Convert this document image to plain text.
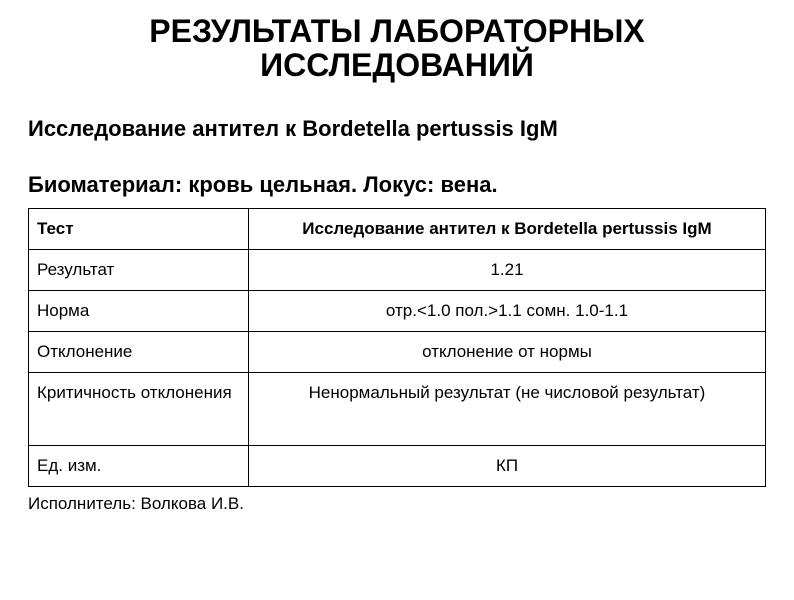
РЕЗУЛЬТАТЫ ЛАБОРАТОРНЫХ
ИССЛЕДОВАНИЙ
Исследование антител к Bordetella pertussis IgM
Биоматериал: кровь цельная. Локус: вена.
Тест	Исследование антител к Bordetella pertussis IgM
Результат	1.21
Норма	отр.<1.0 пол.>1.1 сомн. 1.0-1.1
Отклонение	отклонение от нормы
Критичность отклонения	Ненормальный результат (не числовой результат)
Ед. изм.	КП

Исполнитель: Волкова И.В.
